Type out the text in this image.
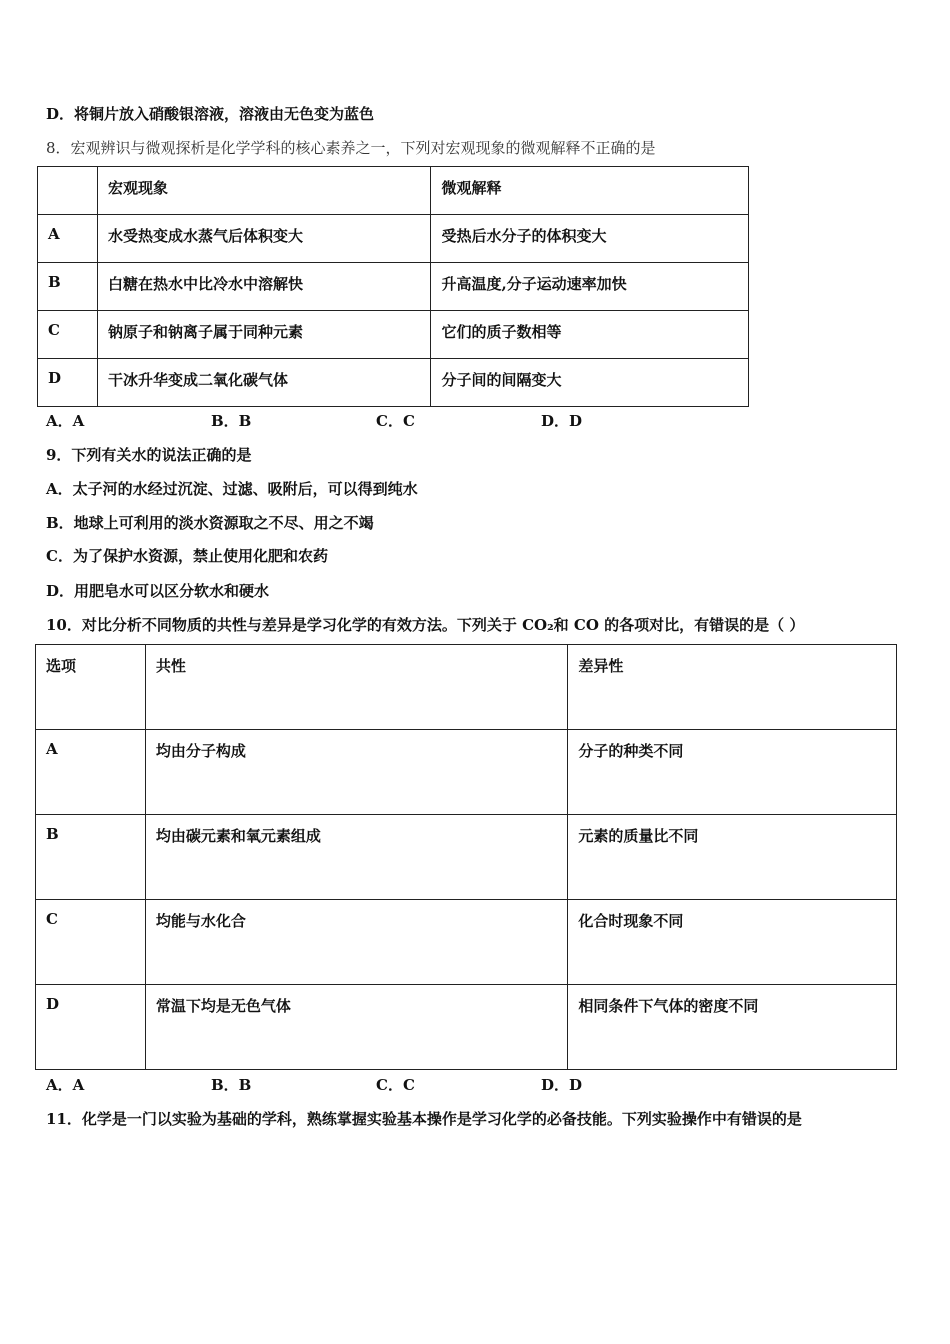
D．将铜片放入硝酸银溶液，溶液由无色变为蓝色
8．宏观辨识与微观探析是化学学科的核心素养之一，下列对宏观现象的微观解释不正确的是
	宏观现象	微观解释
A	水受热变成水蒸气后体积变大	受热后水分子的体积变大
B	白糖在热水中比冷水中溶解快	升高温度,分子运动速率加快
C	钠原子和钠离子属于同种元素	它们的质子数相等
D	干冰升华变成二氧化碳气体	分子间的间隔变大
A．A	B．B	C．C	D．D
9．下列有关水的说法正确的是
A．太子河的水经过沉淀、过滤、吸附后，可以得到纯水
B．地球上可利用的淡水资源取之不尽、用之不竭
C．为了保护水资源，禁止使用化肥和农药
D．用肥皂水可以区分软水和硬水
10．对比分析不同物质的共性与差异是学习化学的有效方法。下列关于 CO₂和 CO 的各项对比，有错误的是（ ）
选项	共性	差异性
A	均由分子构成	分子的种类不同
B	均由碳元素和氧元素组成	元素的质量比不同
C	均能与水化合	化合时现象不同
D	常温下均是无色气体	相同条件下气体的密度不同
A．A	B．B	C．C	D．D
11．化学是一门以实验为基础的学科，熟练掌握实验基本操作是学习化学的必备技能。下列实验操作中有错误的是
